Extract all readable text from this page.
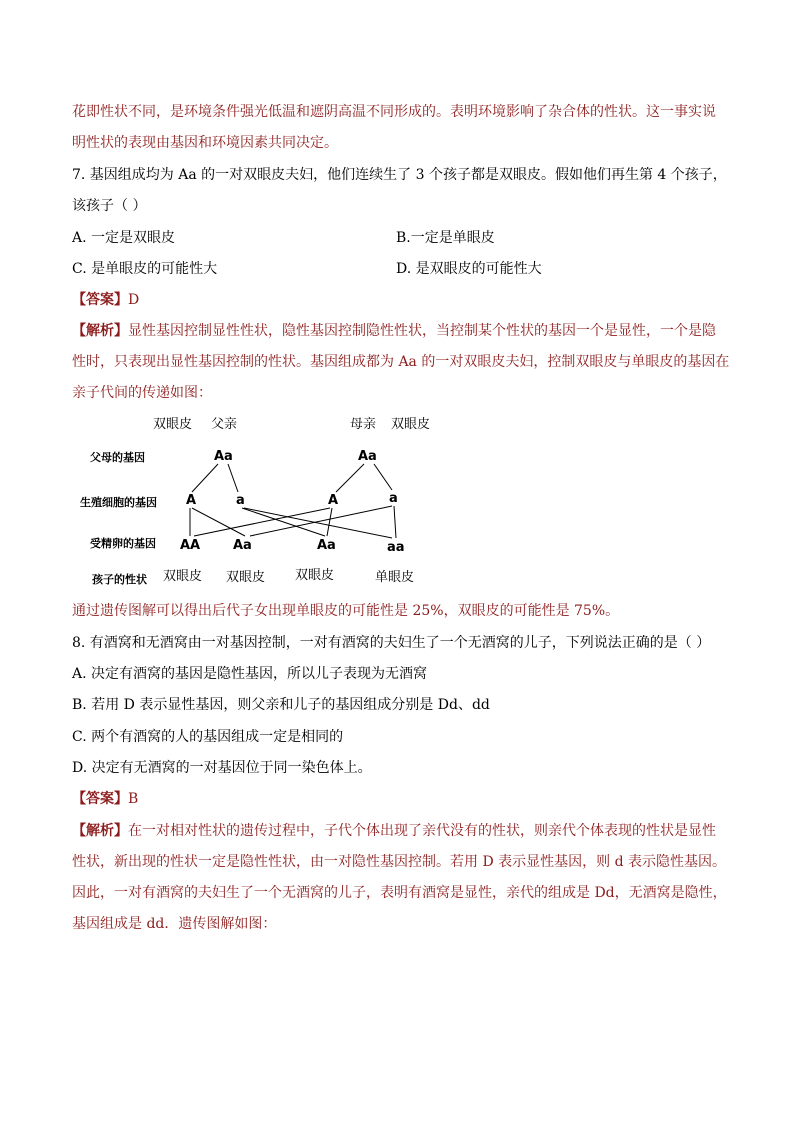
花即性状不同，是环境条件强光低温和遮阴高温不同形成的。表明环境影响了杂合体的性状。这一事实说
明性状的表现由基因和环境因素共同决定。
7. 基因组成均为 Aa 的一对双眼皮夫妇，他们连续生了 3 个孩子都是双眼皮。假如他们再生第 4 个孩子，
该孩子（ ）
A. 一定是双眼皮	B.一定是单眼皮
C. 是单眼皮的可能性大	D. 是双眼皮的可能性大
【答案】D
【解析】显性基因控制显性性状，隐性基因控制隐性性状，当控制某个性状的基因一个是显性，一个是隐
性时，只表现出显性基因控制的性状。基因组成都为 Aa 的一对双眼皮夫妇，控制双眼皮与单眼皮的基因在
亲子代间的传递如图：
双眼皮 父亲	母亲 双眼皮
父母的基因
生殖细胞的基因
受精卵的基因
孩子的性状
Aa	Aa
A	a	A	a
AA	Aa	Aa	aa
双眼皮 双眼皮 双眼皮	单眼皮
通过遗传图解可以得出后代子女出现单眼皮的可能性是 25%，双眼皮的可能性是 75%。
8. 有酒窝和无酒窝由一对基因控制，一对有酒窝的夫妇生了一个无酒窝的儿子，下列说法正确的是（ ）
A. 决定有酒窝的基因是隐性基因，所以儿子表现为无酒窝
B. 若用 D 表示显性基因，则父亲和儿子的基因组成分别是 Dd、dd
C. 两个有酒窝的人的基因组成一定是相同的
D. 决定有无酒窝的一对基因位于同一染色体上。
【答案】B
【解析】在一对相对性状的遗传过程中，子代个体出现了亲代没有的性状，则亲代个体表现的性状是显性
性状，新出现的性状一定是隐性性状，由一对隐性基因控制。若用 D 表示显性基因，则 d 表示隐性基因。
因此，一对有酒窝的夫妇生了一个无酒窝的儿子，表明有酒窝是显性，亲代的组成是 Dd，无酒窝是隐性，
基因组成是 dd．遗传图解如图：
